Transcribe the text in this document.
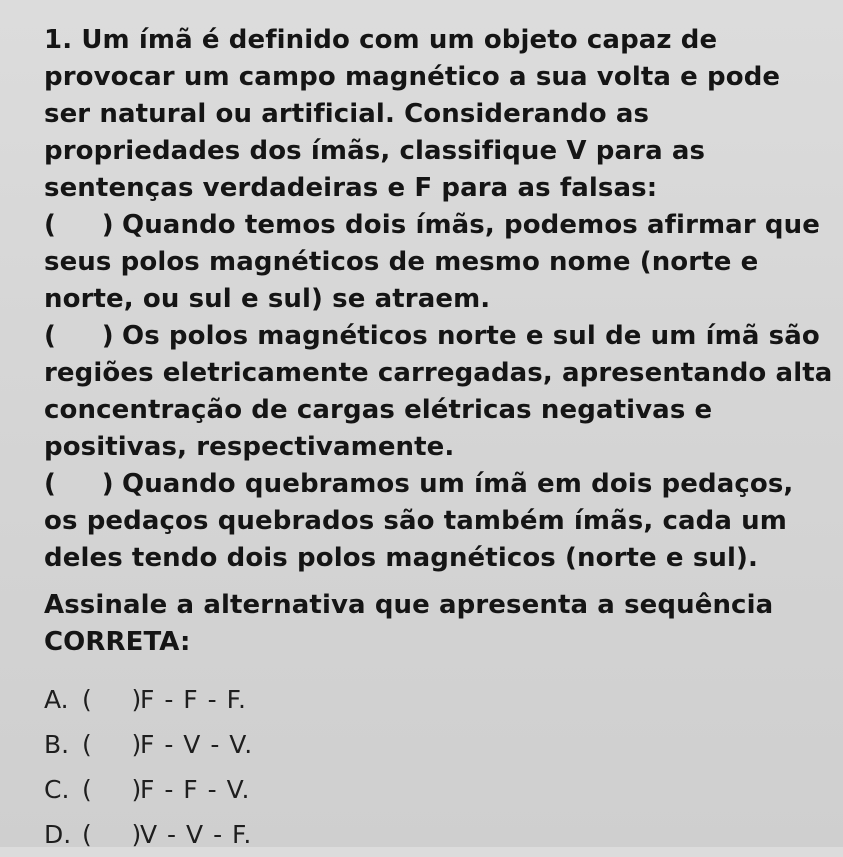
1. Um ímã é definido com um objeto capaz de provocar um campo magnético a sua volta e pode ser natural ou artificial. Considerando as propriedades dos ímãs, classifique V para as sentenças verdadeiras e F para as falsas:

(     ) Quando temos dois ímãs, podemos afirmar que seus polos magnéticos de mesmo nome (norte e norte, ou sul e sul) se atraem.
(     ) Os polos magnéticos norte e sul de um ímã são regiões eletricamente carregadas, apresentando alta concentração de cargas elétricas negativas e positivas, respectivamente.
(     ) Quando quebramos um ímã em dois pedaços, os pedaços quebrados são também ímãs, cada um deles tendo dois polos magnéticos (norte e sul).

Assinale a alternativa que apresenta a sequência CORRETA:

A. (     )
F - F - F.
B. (     )
F - V - V.
C. (     )
F - F - V.
D. (     )
V - V - F.
